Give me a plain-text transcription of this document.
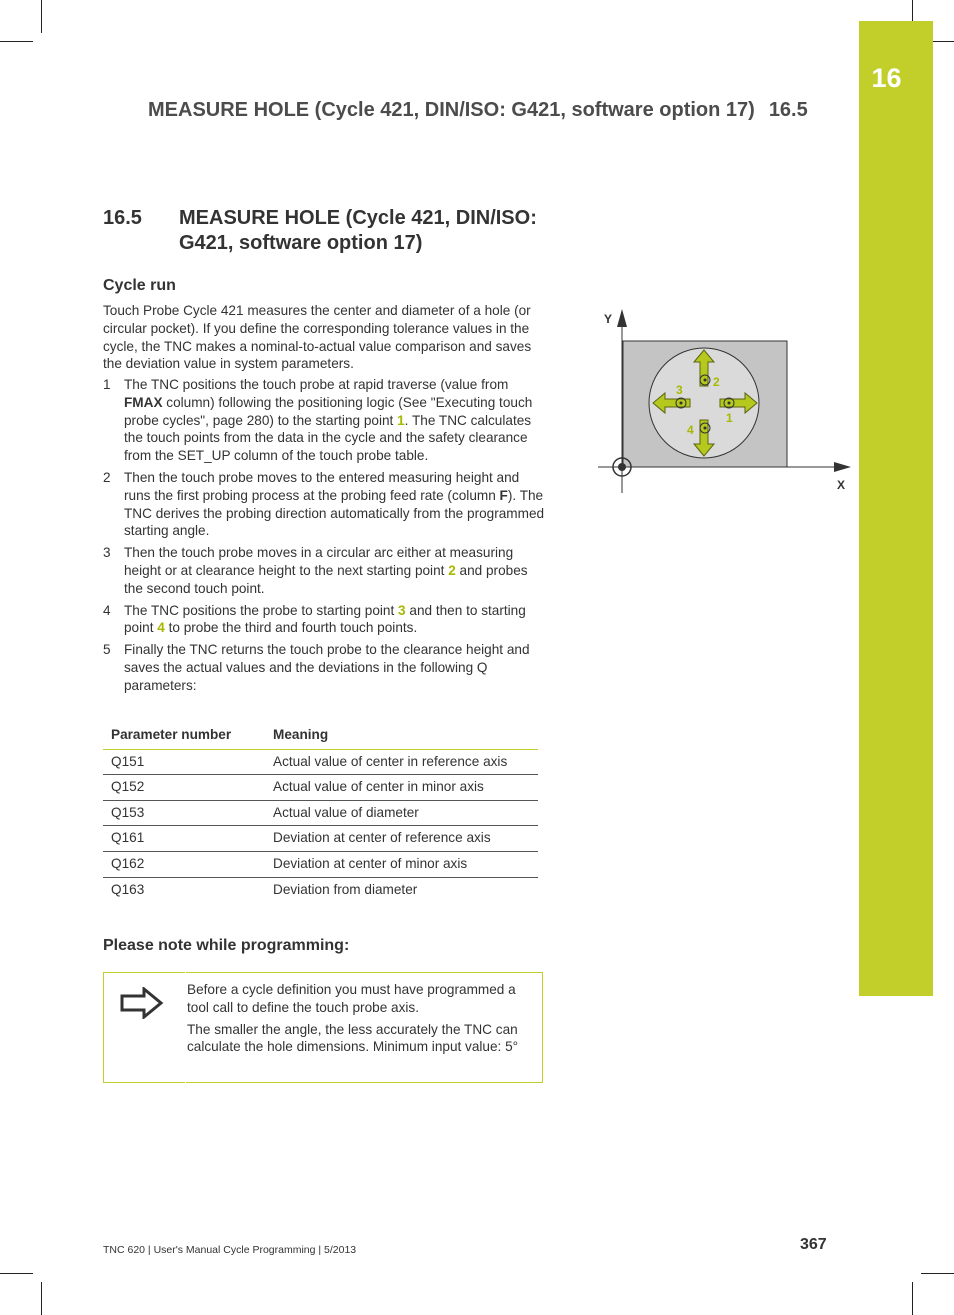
16
MEASURE HOLE (Cycle 421, DIN/ISO: G421, software option 17) 16.5
16.5 MEASURE HOLE (Cycle 421, DIN/ISO: G421, software option 17)
Cycle run
Touch Probe Cycle 421 measures the center and diameter of a hole (or circular pocket). If you define the corresponding tolerance values in the cycle, the TNC makes a nominal-to-actual value comparison and saves the deviation value in system parameters.
1 The TNC positions the touch probe at rapid traverse (value from FMAX column) following the positioning logic (See "Executing touch probe cycles", page 280) to the starting point 1. The TNC calculates the touch points from the data in the cycle and the safety clearance from the SET_UP column of the touch probe table.
2 Then the touch probe moves to the entered measuring height and runs the first probing process at the probing feed rate (column F). The TNC derives the probing direction automatically from the programmed starting angle.
3 Then the touch probe moves in a circular arc either at measuring height or at clearance height to the next starting point 2 and probes the second touch point.
4 The TNC positions the probe to starting point 3 and then to starting point 4 to probe the third and fourth touch points.
5 Finally the TNC returns the touch probe to the clearance height and saves the actual values and the deviations in the following Q parameters:
Parameter number	Meaning
Q151	Actual value of center in reference axis
Q152	Actual value of center in minor axis
Q153	Actual value of diameter
Q161	Deviation at center of reference axis
Q162	Deviation at center of minor axis
Q163	Deviation from diameter
Please note while programming:

Before a cycle definition you must have programmed a tool call to define the touch probe axis.

The smaller the angle, the less accurately the TNC can calculate the hole dimensions. Minimum input value: 5°

Y
X
1
2
3
4
TNC 620 | User's Manual Cycle Programming | 5/2013	367
